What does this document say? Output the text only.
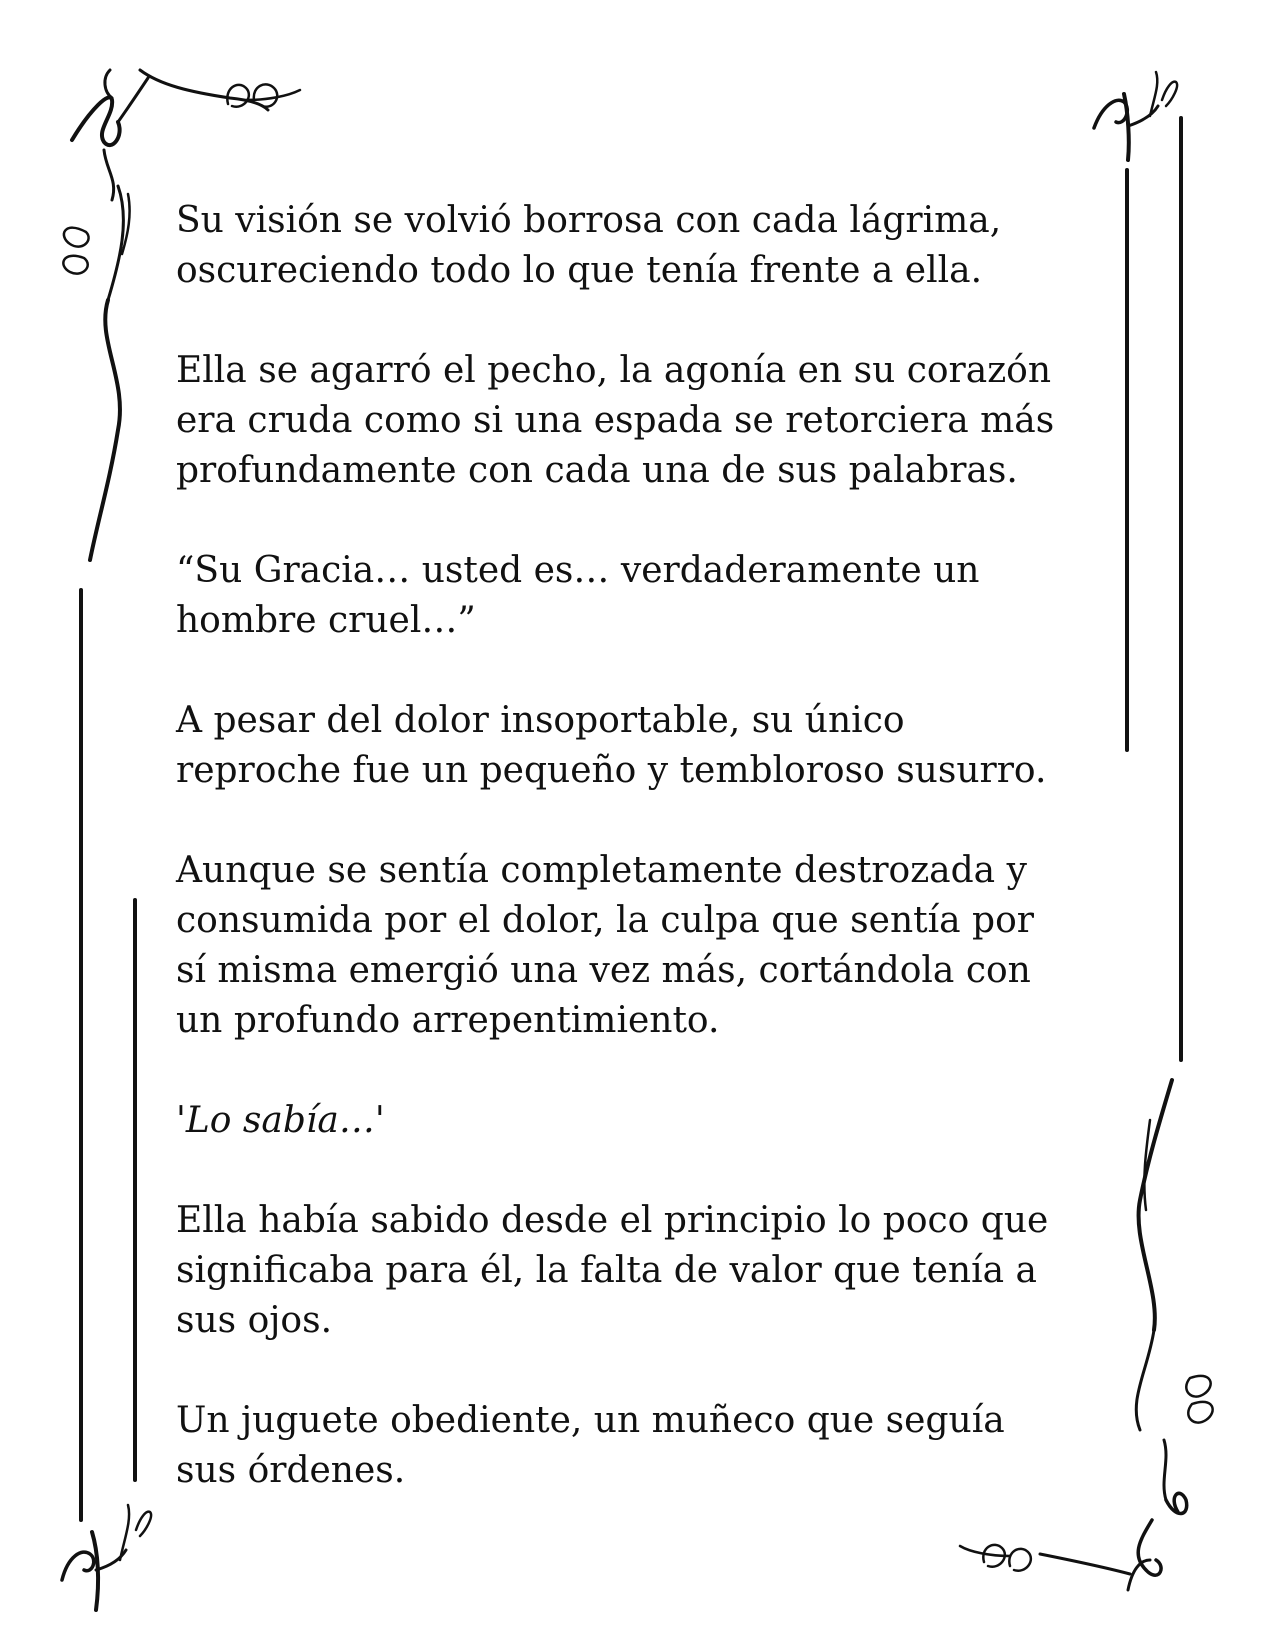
Su visión se volvió borrosa con cada lágrima,
oscureciendo todo lo que tenía frente a ella.

Ella se agarró el pecho, la agonía en su corazón
era cruda como si una espada se retorciera más
profundamente con cada una de sus palabras.

“Su Gracia… usted es… verdaderamente un
hombre cruel…”

A pesar del dolor insoportable, su único
reproche fue un pequeño y tembloroso susurro.

Aunque se sentía completamente destrozada y
consumida por el dolor, la culpa que sentía por
sí misma emergió una vez más, cortándola con
un profundo arrepentimiento.

'Lo sabía…'

Ella había sabido desde el principio lo poco que
significaba para él, la falta de valor que tenía a
sus ojos.

Un juguete obediente, un muñeco que seguía
sus órdenes.
